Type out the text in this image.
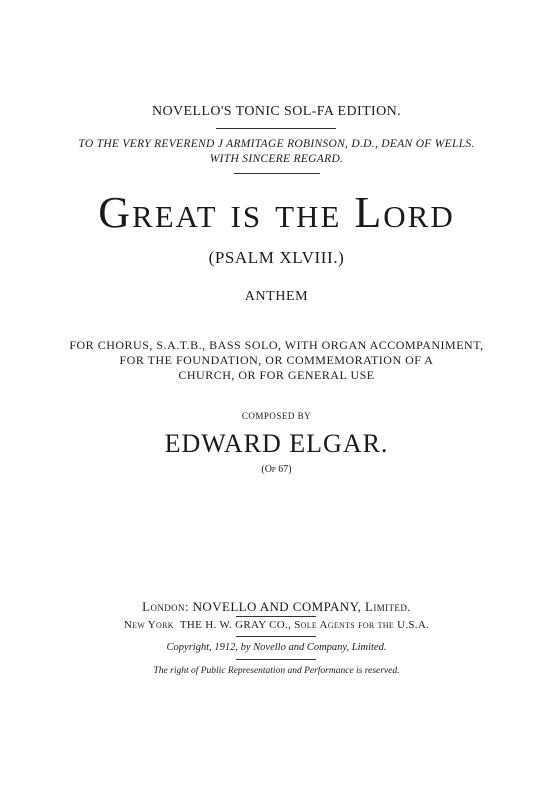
NOVELLO'S TONIC SOL-FA EDITION.
TO THE VERY REVEREND J ARMITAGE ROBINSON, D.D., DEAN OF WELLS.
WITH SINCERE REGARD.
Great is the Lord
(PSALM XLVIII.)
ANTHEM
FOR CHORUS, S.A.T.B., BASS SOLO, WITH ORGAN ACCOMPANIMENT,
FOR THE FOUNDATION, OR COMMEMORATION OF A
CHURCH, OR FOR GENERAL USE
COMPOSED BY
EDWARD ELGAR.
(Op 67)
London: NOVELLO AND COMPANY, Limited.
New York THE H. W. GRAY CO., Sole Agents for the U.S.A.
Copyright, 1912, by Novello and Company, Limited.
The right of Public Representation and Performance is reserved.
